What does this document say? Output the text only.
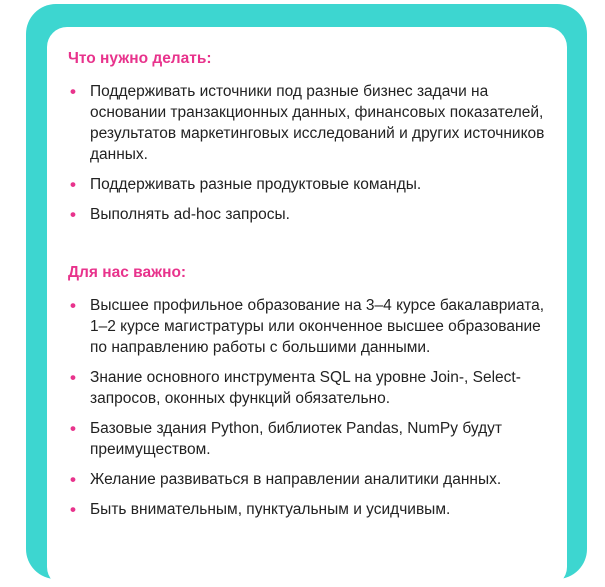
Что нужно делать:
• Поддерживать источники под разные бизнес задачи на основании транзакционных данных, финансовых показателей, результатов маркетинговых исследований и других источников данных.
• Поддерживать разные продуктовые команды.
• Выполнять ad-hoc запросы.
Для нас важно:
• Высшее профильное образование на 3–4 курсе бакалавриата, 1–2 курсе магистратуры или оконченное высшее образование по направлению работы с большими данными.
• Знание основного инструмента SQL на уровне Join-, Select-запросов, оконных функций обязательно.
• Базовые здания Python, библиотек Pandas, NumPy будут преимуществом.
• Желание развиваться в направлении аналитики данных.
• Быть внимательным, пунктуальным и усидчивым.
